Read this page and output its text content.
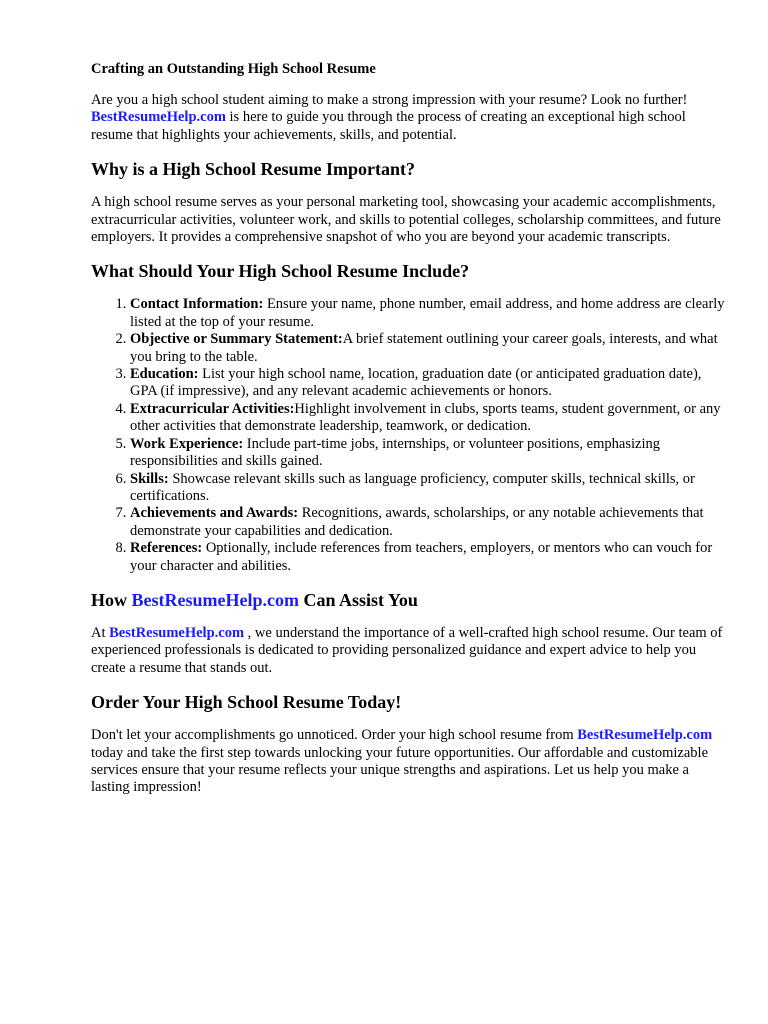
Crafting an Outstanding High School Resume

Are you a high school student aiming to make a strong impression with your resume? Look no further! BestResumeHelp.com is here to guide you through the process of creating an exceptional high school resume that highlights your achievements, skills, and potential.

Why is a High School Resume Important?

A high school resume serves as your personal marketing tool, showcasing your academic accomplishments, extracurricular activities, volunteer work, and skills to potential colleges, scholarship committees, and future employers. It provides a comprehensive snapshot of who you are beyond your academic transcripts.

What Should Your High School Resume Include?
1. Contact Information: Ensure your name, phone number, email address, and home address are clearly listed at the top of your resume.
2. Objective or Summary Statement:A brief statement outlining your career goals, interests, and what you bring to the table.
3. Education: List your high school name, location, graduation date (or anticipated graduation date), GPA (if impressive), and any relevant academic achievements or honors.
4. Extracurricular Activities:Highlight involvement in clubs, sports teams, student government, or any other activities that demonstrate leadership, teamwork, or dedication.
5. Work Experience: Include part-time jobs, internships, or volunteer positions, emphasizing responsibilities and skills gained.
6. Skills: Showcase relevant skills such as language proficiency, computer skills, technical skills, or certifications.
7. Achievements and Awards: Recognitions, awards, scholarships, or any notable achievements that demonstrate your capabilities and dedication.
8. References: Optionally, include references from teachers, employers, or mentors who can vouch for your character and abilities.
How BestResumeHelp.com Can Assist You

At BestResumeHelp.com , we understand the importance of a well-crafted high school resume. Our team of experienced professionals is dedicated to providing personalized guidance and expert advice to help you create a resume that stands out.

Order Your High School Resume Today!

Don't let your accomplishments go unnoticed. Order your high school resume from BestResumeHelp.com today and take the first step towards unlocking your future opportunities. Our affordable and customizable services ensure that your resume reflects your unique strengths and aspirations. Let us help you make a lasting impression!
